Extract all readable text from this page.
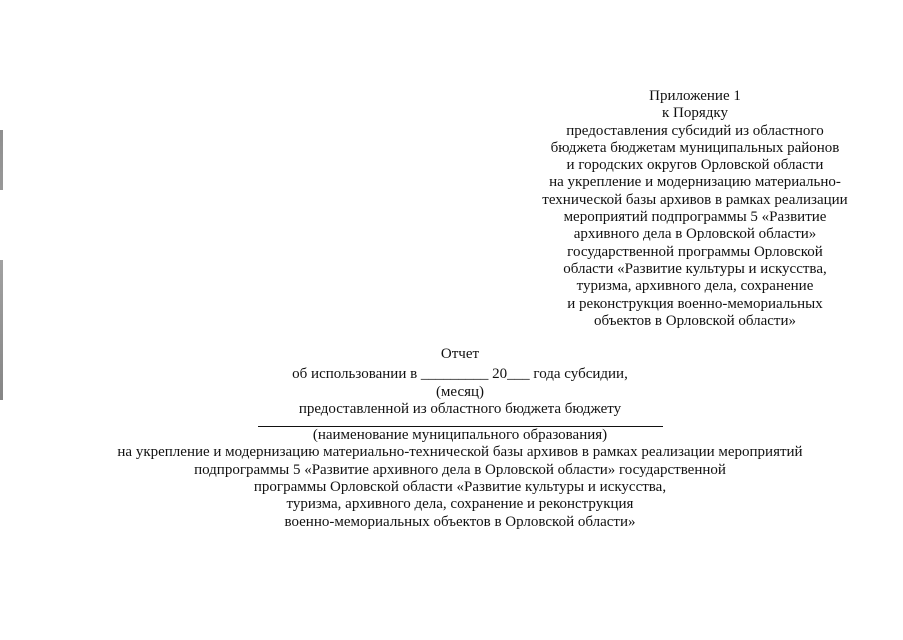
Приложение 1
к Порядку
предоставления субсидий из областного
бюджета бюджетам муниципальных районов
и городских округов Орловской области
на укрепление и модернизацию материально-
технической базы архивов в рамках реализации
мероприятий подпрограммы 5 «Развитие
архивного дела в Орловской области»
государственной программы Орловской
области «Развитие культуры и искусства,
туризма, архивного дела, сохранение
и реконструкция военно-мемориальных
объектов в Орловской области»
Отчет
об использовании в _________ 20___ года субсидии,
(месяц)
предоставленной из областного бюджета бюджету
(наименование муниципального образования)
на укрепление и модернизацию материально-технической базы архивов в рамках реализации мероприятий
подпрограммы 5 «Развитие архивного дела в Орловской области» государственной
программы Орловской области «Развитие культуры и искусства,
туризма, архивного дела, сохранение и реконструкция
военно-мемориальных объектов в Орловской области»
